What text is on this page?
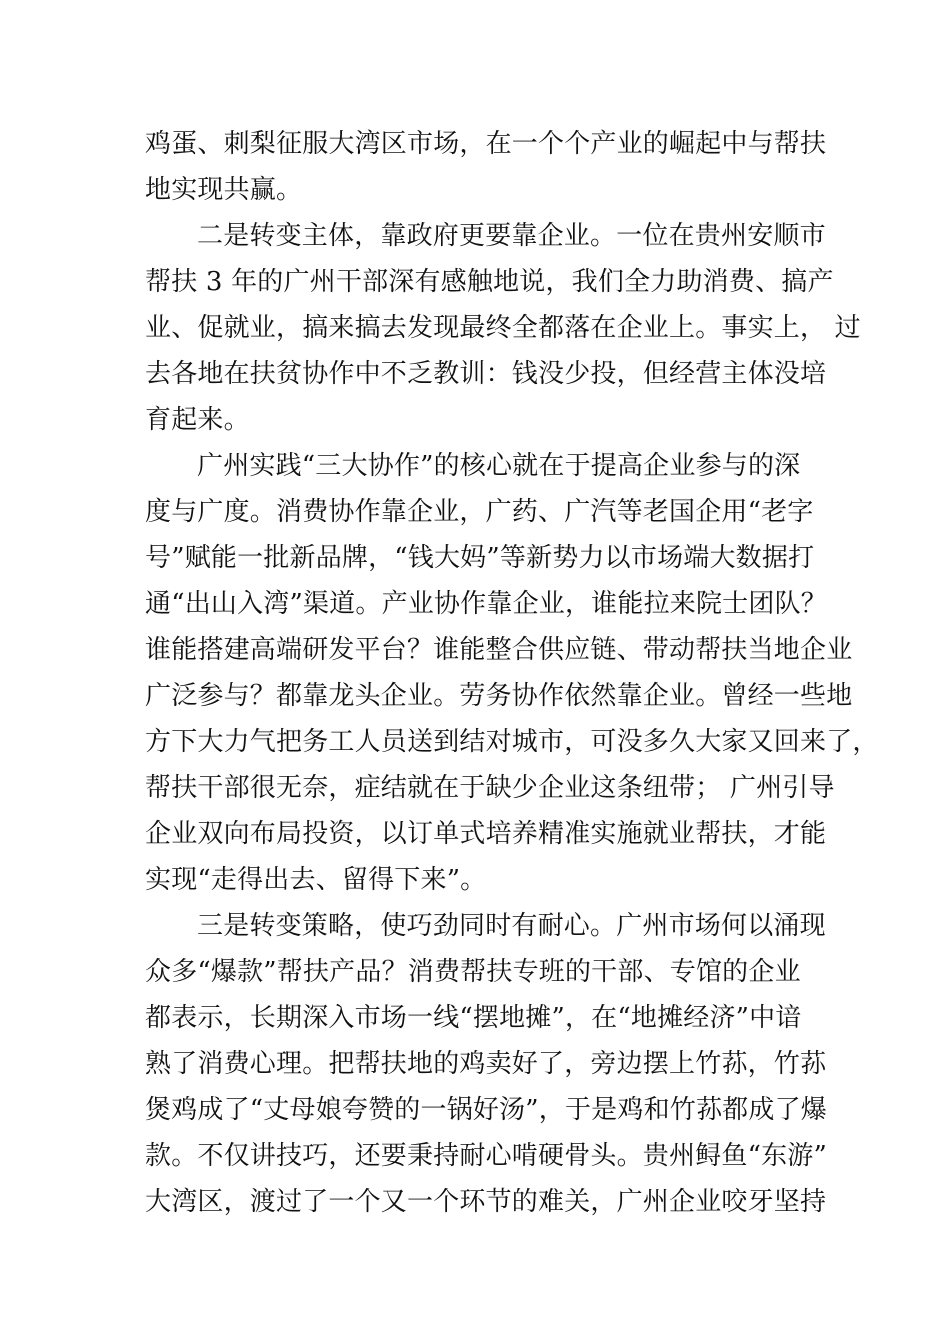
鸡蛋、刺梨征服大湾区市场，在一个个产业的崛起中与帮扶
地实现共赢。
二是转变主体，靠政府更要靠企业。一位在贵州安顺市
帮扶 3 年的广州干部深有感触地说，我们全力助消费、搞产
业、促就业，搞来搞去发现最终全都落在企业上。事实上， 过
去各地在扶贫协作中不乏教训：钱没少投，但经营主体没培
育起来。
广州实践“三大协作”的核心就在于提高企业参与的深
度与广度。消费协作靠企业，广药、广汽等老国企用“老字
号”赋能一批新品牌，“钱大妈”等新势力以市场端大数据打
通“出山入湾”渠道。产业协作靠企业，谁能拉来院士团队？
谁能搭建高端研发平台？谁能整合供应链、带动帮扶当地企业
广泛参与？都靠龙头企业。劳务协作依然靠企业。曾经一些地
方下大力气把务工人员送到结对城市，可没多久大家又回来了，
帮扶干部很无奈，症结就在于缺少企业这条纽带； 广州引导
企业双向布局投资，以订单式培养精准实施就业帮扶，才能
实现“走得出去、留得下来”。
三是转变策略，使巧劲同时有耐心。广州市场何以涌现
众多“爆款”帮扶产品？消费帮扶专班的干部、专馆的企业
都表示，长期深入市场一线“摆地摊”，在“地摊经济”中谙
熟了消费心理。把帮扶地的鸡卖好了，旁边摆上竹荪，竹荪
煲鸡成了“丈母娘夸赞的一锅好汤”，于是鸡和竹荪都成了爆
款。不仅讲技巧，还要秉持耐心啃硬骨头。贵州鲟鱼“东游”
大湾区，渡过了一个又一个环节的难关，广州企业咬牙坚持
